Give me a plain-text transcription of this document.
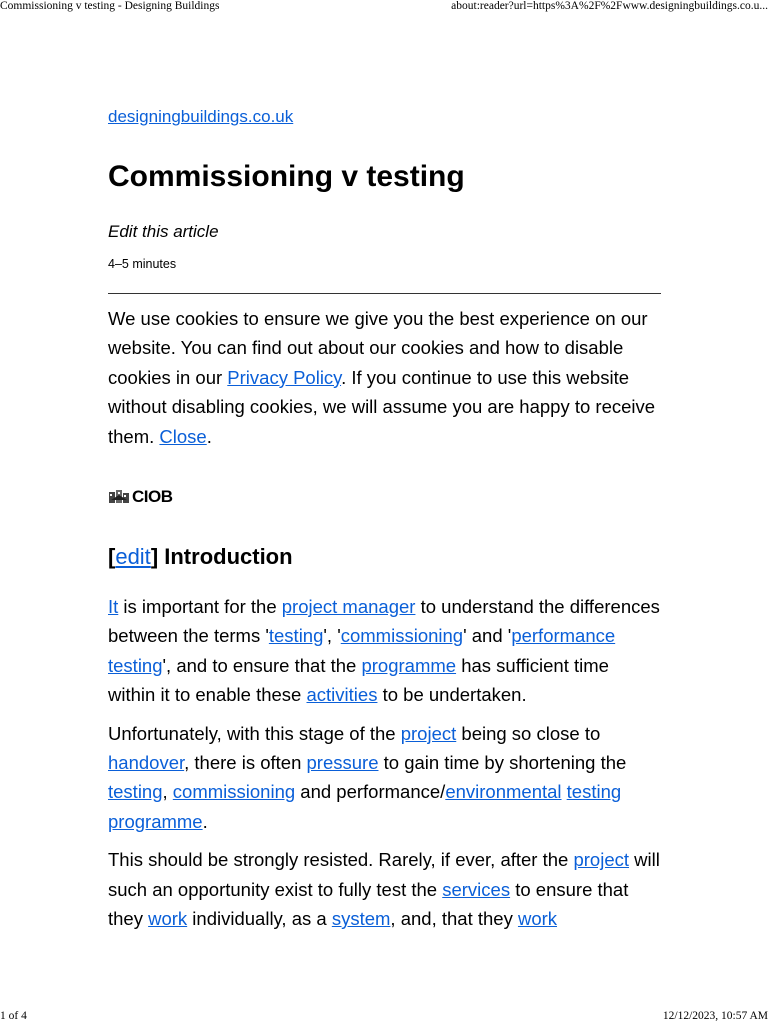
Commissioning v testing - Designing Buildings	about:reader?url=https%3A%2F%2Fwww.designingbuildings.co.u...
designingbuildings.co.uk
Commissioning v testing
Edit this article
4–5 minutes

We use cookies to ensure we give you the best experience on our website. You can find out about our cookies and how to disable cookies in our Privacy Policy. If you continue to use this website without disabling cookies, we will assume you are happy to receive them. Close.

CIOB
[edit] Introduction

It is important for the project manager to understand the differences between the terms 'testing', 'commissioning' and 'performance testing', and to ensure that the programme has sufficient time within it to enable these activities to be undertaken.

Unfortunately, with this stage of the project being so close to handover, there is often pressure to gain time by shortening the testing, commissioning and performance/environmental testing programme.

This should be strongly resisted. Rarely, if ever, after the project will such an opportunity exist to fully test the services to ensure that they work individually, as a system, and, that they work

1 of 4	12/12/2023, 10:57 AM
